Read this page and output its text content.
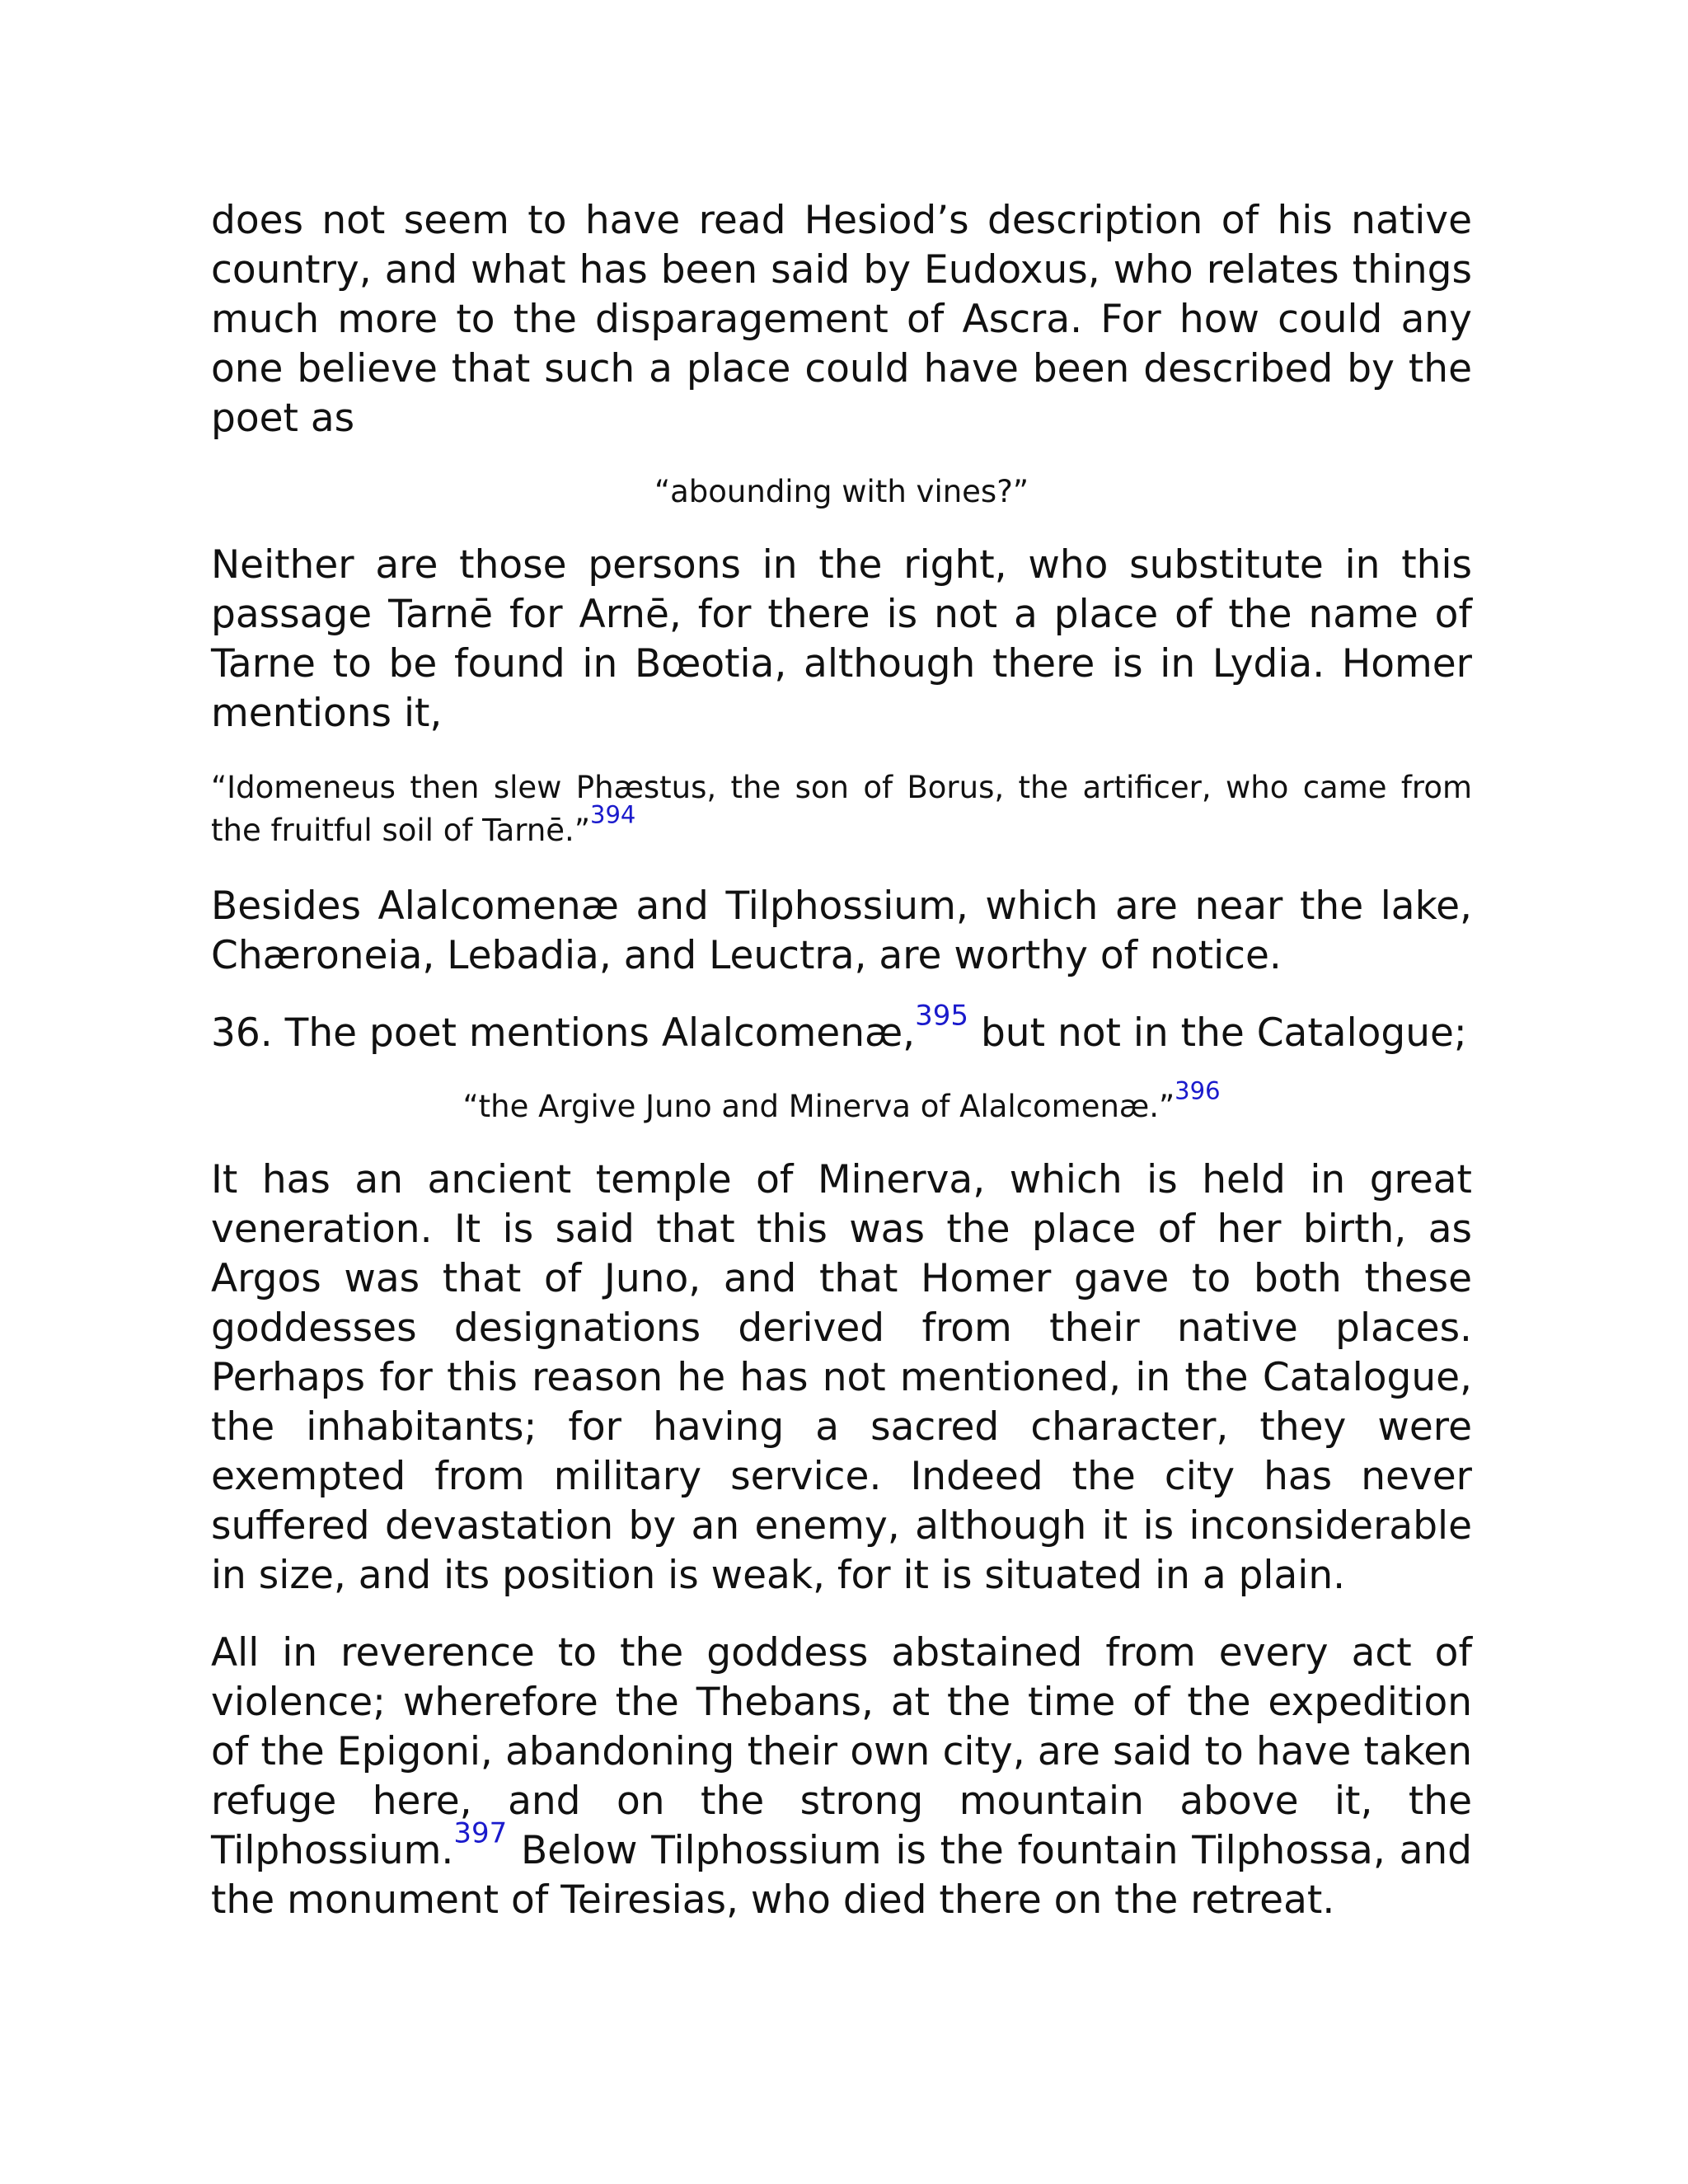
does not seem to have read Hesiod’s description of his native country, and what has been said by Eudoxus, who relates things much more to the disparagement of Ascra. For how could any one believe that such a place could have been described by the poet as

“abounding with vines?”

Neither are those persons in the right, who substitute in this passage Tarnē for Arnē, for there is not a place of the name of Tarne to be found in Bœotia, although there is in Lydia. Homer mentions it,

“Idomeneus then slew Phæstus, the son of Borus, the artificer, who came from the fruitful soil of Tarnē.”$^{394}$

Besides Alalcomenæ and Tilphossium, which are near the lake, Chæroneia, Lebadia, and Leuctra, are worthy of notice.

36. The poet mentions Alalcomenæ,$^{395}$ but not in the Catalogue;

“the Argive Juno and Minerva of Alalcomenæ.”$^{396}$

It has an ancient temple of Minerva, which is held in great veneration. It is said that this was the place of her birth, as Argos was that of Juno, and that Homer gave to both these goddesses designations derived from their native places. Perhaps for this reason he has not mentioned, in the Catalogue, the inhabitants; for having a sacred character, they were exempted from military service. Indeed the city has never suffered devastation by an enemy, although it is inconsiderable in size, and its position is weak, for it is situated in a plain.

All in reverence to the goddess abstained from every act of violence; wherefore the Thebans, at the time of the expedition of the Epigoni, abandoning their own city, are said to have taken refuge here, and on the strong mountain above it, the Tilphossium.$^{397}$ Below Tilphossium is the fountain Tilphossa, and the monument of Teiresias, who died there on the retreat.
